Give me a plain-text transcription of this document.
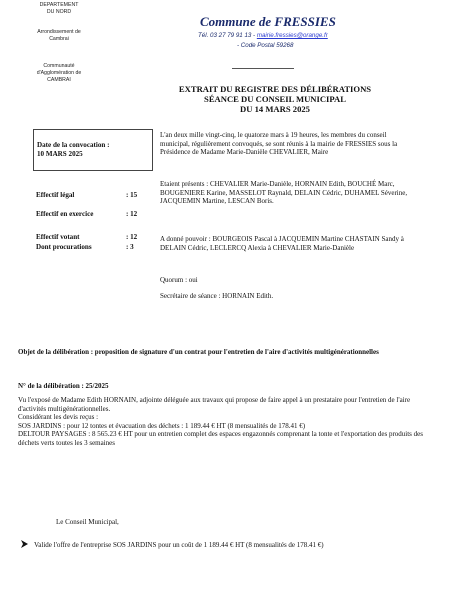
DEPARTEMENT
DU NORD
Arrondissement de
Cambrai
Communauté
d'Agglomération de
CAMBRAI
Commune de FRESSIES
Tél. 03 27 79 91 13 - mairie.fressies@orange.fr
- Code Postal 59268
EXTRAIT DU REGISTRE DES DÉLIBÉRATIONS
SÉANCE DU CONSEIL MUNICIPAL
DU 14 MARS 2025
Date de la convocation :
10 MARS 2025
Effectif légal	: 15
Effectif en exercice	: 12
Effectif votant	: 12
Dont procurations	: 3
L'an deux mille vingt-cinq, le quatorze mars à 19 heures, les membres du conseil municipal, régulièrement convoqués, se sont réunis à la mairie de FRESSIES sous la Présidence de Madame Marie-Danièle CHEVALIER, Maire
Etaient présents : CHEVALIER Marie-Danièle, HORNAIN Edith, BOUCHÉ Marc, BOUGENIERE Karine, MASSELOT Raynald, DELAIN Cédric, DUHAMEL Séverine, JACQUEMIN Martine, LESCAN Boris.
A donné pouvoir : BOURGEOIS Pascal à JACQUEMIN Martine CHASTAIN Sandy à DELAIN Cédric, LECLERCQ Alexia à CHEVALIER Marie-Danièle
Quorum : oui
Secrétaire de séance : HORNAIN Edith.
Objet de la délibération : proposition de signature d'un contrat pour l'entretien de l'aire d'activités multigénérationnelles
N° de la délibération : 25/2025
Vu l'exposé de Madame Edith HORNAIN, adjointe déléguée aux travaux qui propose de faire appel à un prestataire pour l'entretien de l'aire d'activités multigénérationnelles.
Considérant les devis reçus :
SOS JARDINS : pour 12 tontes et évacuation des déchets : 1 189.44 € HT (8 mensualités de 178.41 €)
DELTOUR PAYSAGES : 8 565.23 € HT pour un entretien complet des espaces engazonnés comprenant la tonte et l'exportation des produits des déchets verts toutes les 3 semaines
Le Conseil Municipal,
Valide l'offre de l'entreprise SOS JARDINS pour un coût de 1 189.44 € HT (8 mensualités de 178.41 €)
